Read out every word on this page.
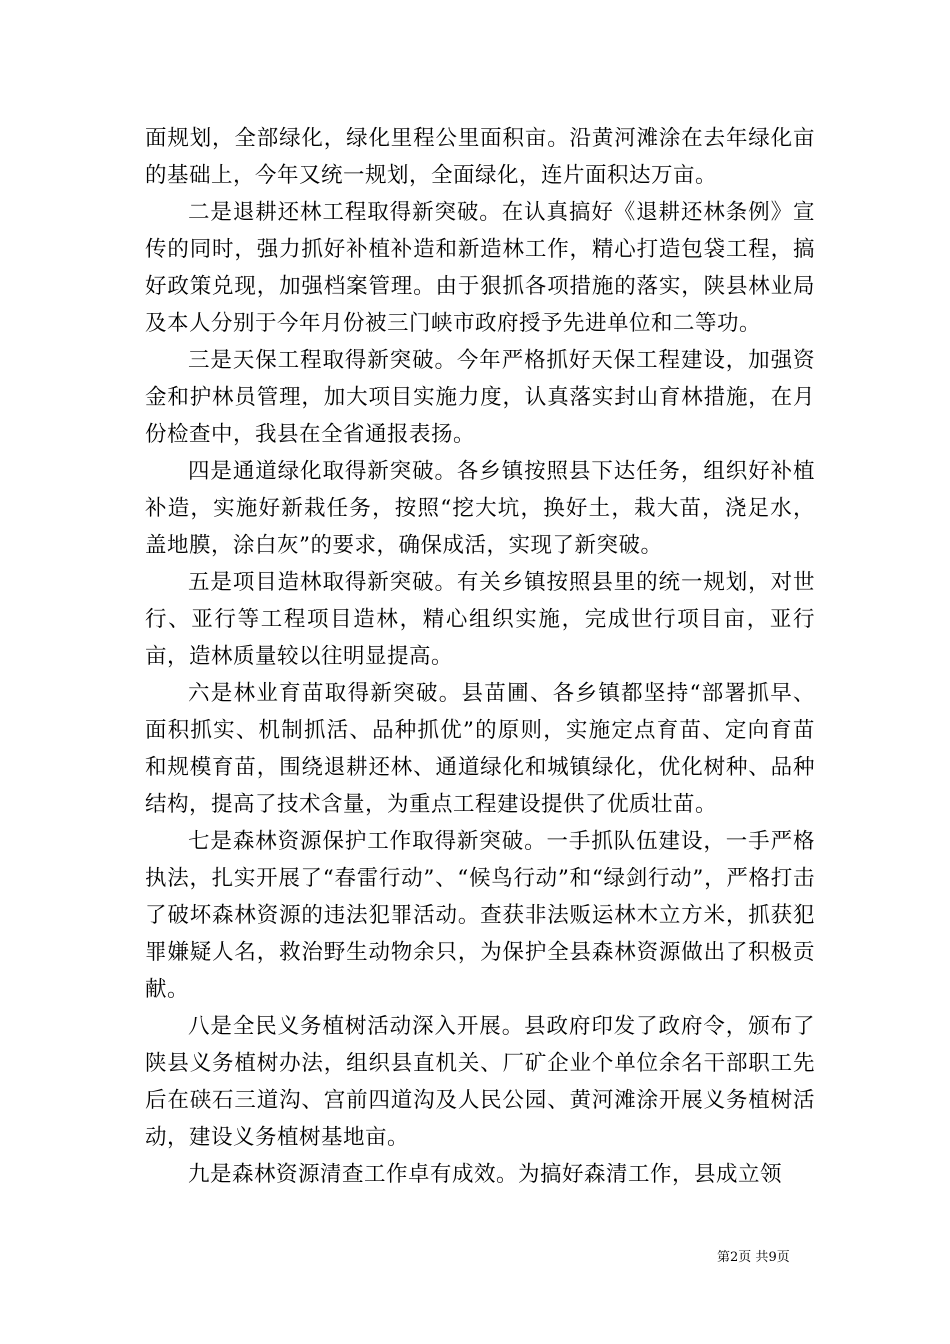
面规划，全部绿化，绿化里程公里面积亩。沿黄河滩涂在去年绿化亩的基础上，今年又统一规划，全面绿化，连片面积达万亩。

二是退耕还林工程取得新突破。在认真搞好《退耕还林条例》宣传的同时，强力抓好补植补造和新造林工作，精心打造包袋工程，搞好政策兑现，加强档案管理。由于狠抓各项措施的落实，陕县林业局及本人分别于今年月份被三门峡市政府授予先进单位和二等功。

三是天保工程取得新突破。今年严格抓好天保工程建设，加强资金和护林员管理，加大项目实施力度，认真落实封山育林措施，在月份检查中，我县在全省通报表扬。

四是通道绿化取得新突破。各乡镇按照县下达任务，组织好补植补造，实施好新栽任务，按照“挖大坑，换好土，栽大苗，浇足水，盖地膜，涂白灰”的要求，确保成活，实现了新突破。

五是项目造林取得新突破。有关乡镇按照县里的统一规划，对世行、亚行等工程项目造林，精心组织实施，完成世行项目亩，亚行亩，造林质量较以往明显提高。

六是林业育苗取得新突破。县苗圃、各乡镇都坚持“部署抓早、面积抓实、机制抓活、品种抓优”的原则，实施定点育苗、定向育苗和规模育苗，围绕退耕还林、通道绿化和城镇绿化，优化树种、品种结构，提高了技术含量，为重点工程建设提供了优质壮苗。

七是森林资源保护工作取得新突破。一手抓队伍建设，一手严格执法，扎实开展了“春雷行动”、“候鸟行动”和“绿剑行动”，严格打击了破坏森林资源的违法犯罪活动。查获非法贩运林木立方米，抓获犯罪嫌疑人名，救治野生动物余只，为保护全县森林资源做出了积极贡献。

八是全民义务植树活动深入开展。县政府印发了政府令，颁布了陕县义务植树办法，组织县直机关、厂矿企业个单位余名干部职工先后在硖石三道沟、宫前四道沟及人民公园、黄河滩涂开展义务植树活动，建设义务植树基地亩。

九是森林资源清查工作卓有成效。为搞好森清工作，县成立领

第2页 共9页
